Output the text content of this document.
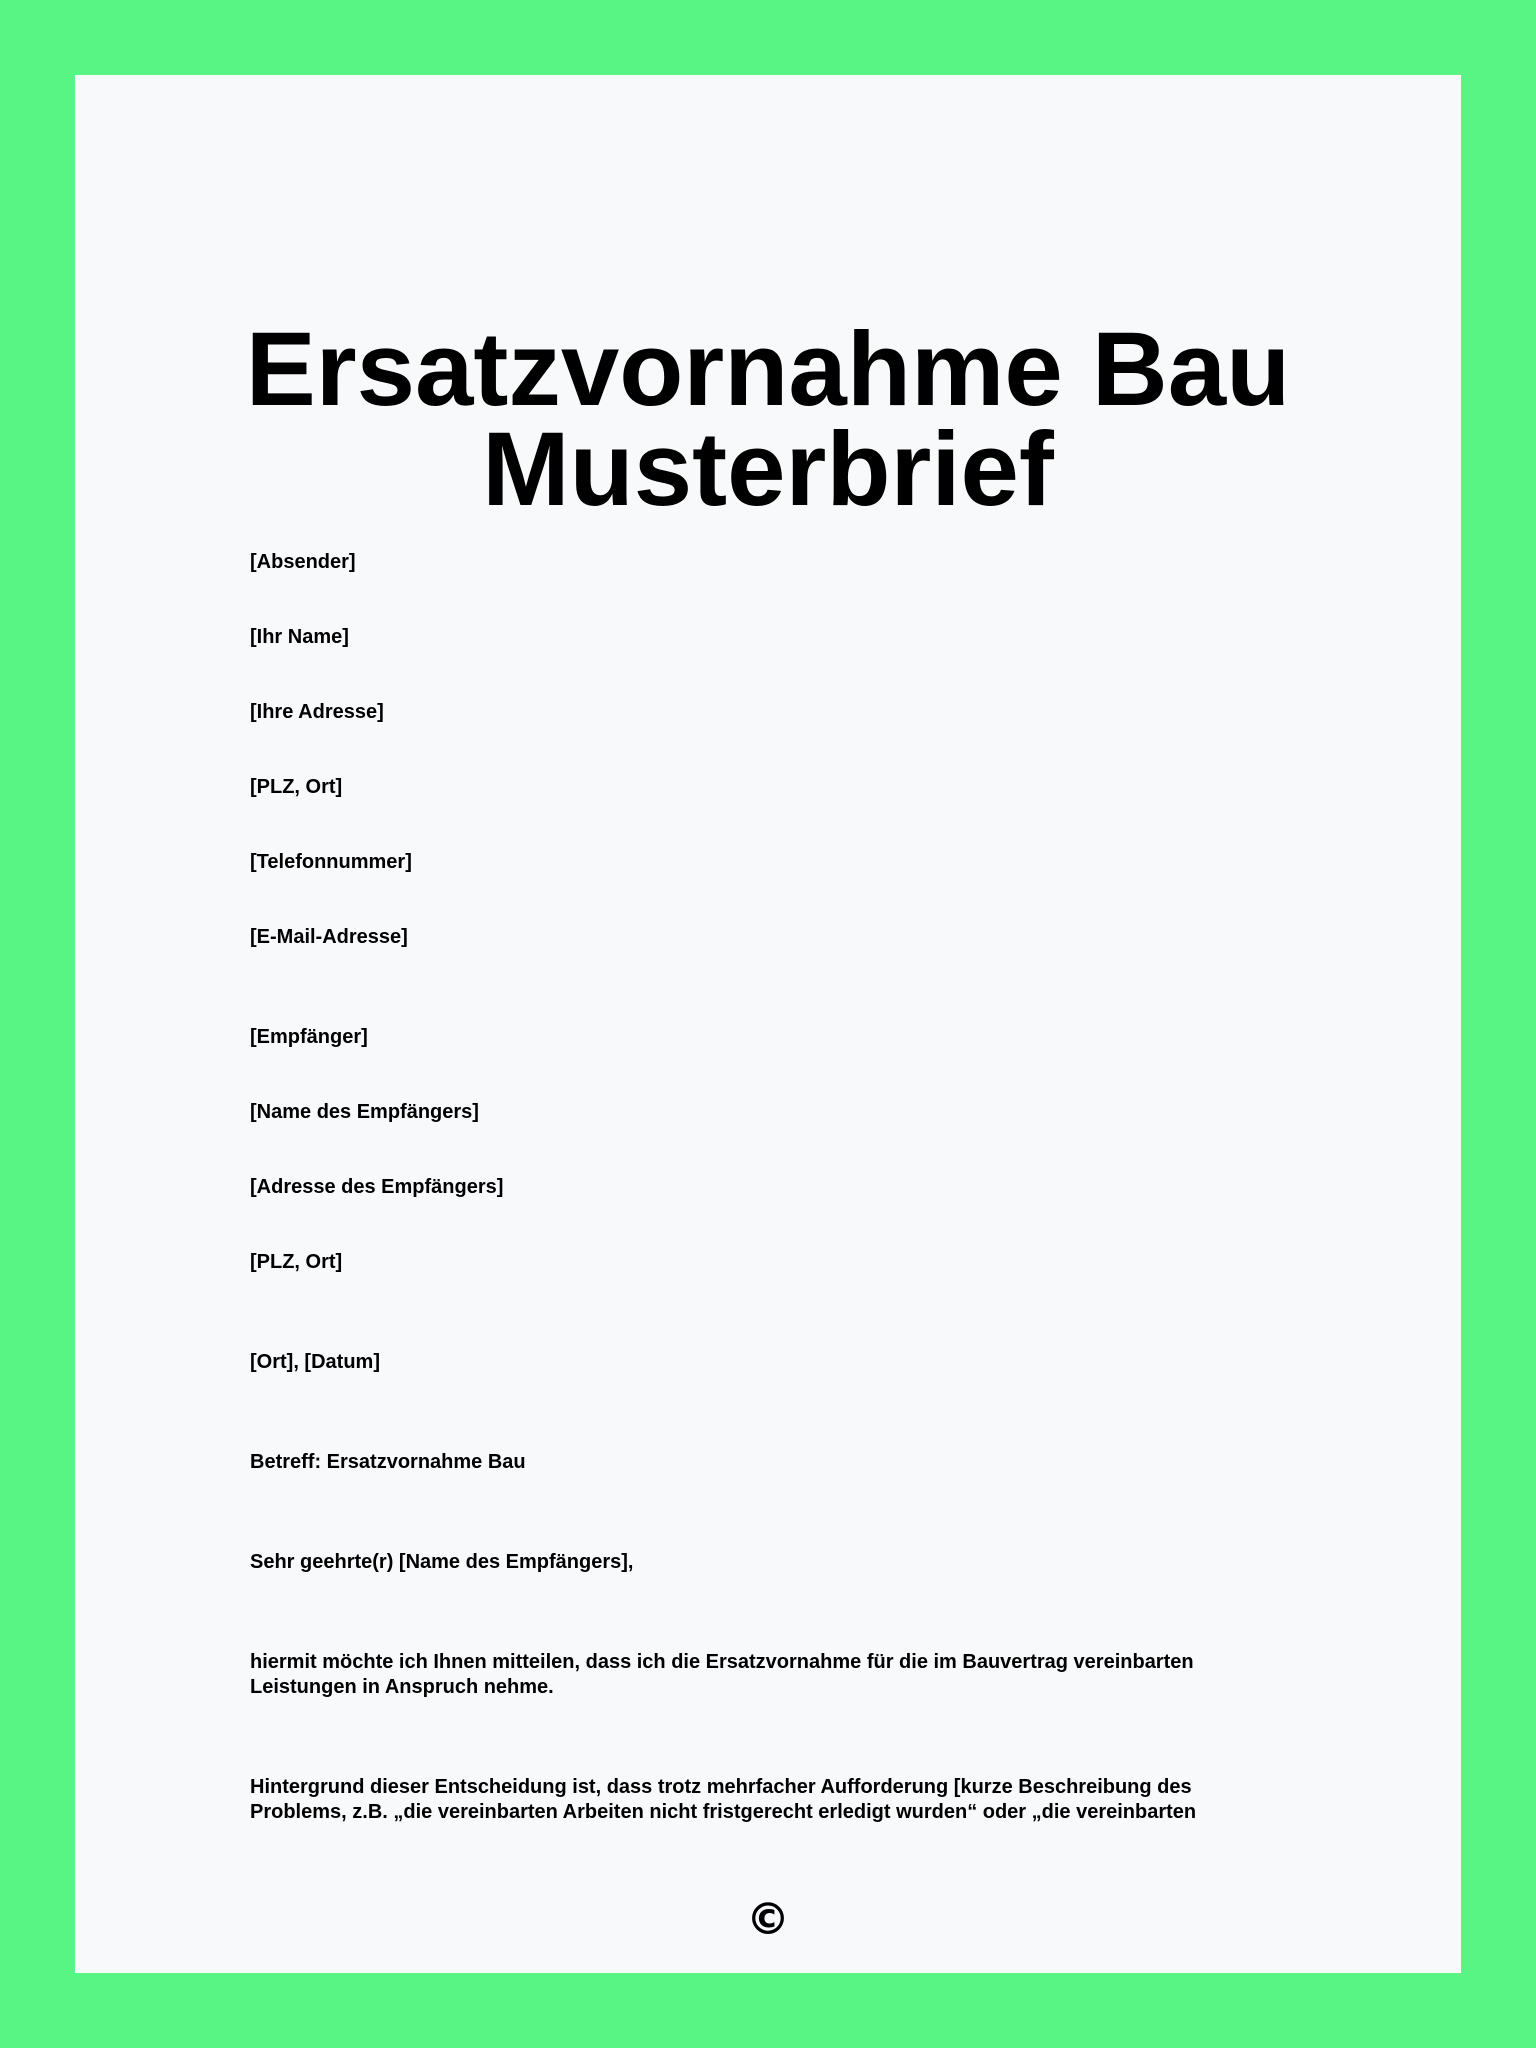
Ersatzvornahme Bau
Musterbrief

[Absender]

[Ihr Name]

[Ihre Adresse]

[PLZ, Ort]

[Telefonnummer]

[E-Mail-Adresse]

[Empfänger]

[Name des Empfängers]

[Adresse des Empfängers]

[PLZ, Ort]

[Ort], [Datum]

Betreff: Ersatzvornahme Bau

Sehr geehrte(r) [Name des Empfängers],

hiermit möchte ich Ihnen mitteilen, dass ich die Ersatzvornahme für die im Bauvertrag vereinbarten Leistungen in Anspruch nehme.

Hintergrund dieser Entscheidung ist, dass trotz mehrfacher Aufforderung [kurze Beschreibung des Problems, z.B. „die vereinbarten Arbeiten nicht fristgerecht erledigt wurden“ oder „die vereinbarten

©
